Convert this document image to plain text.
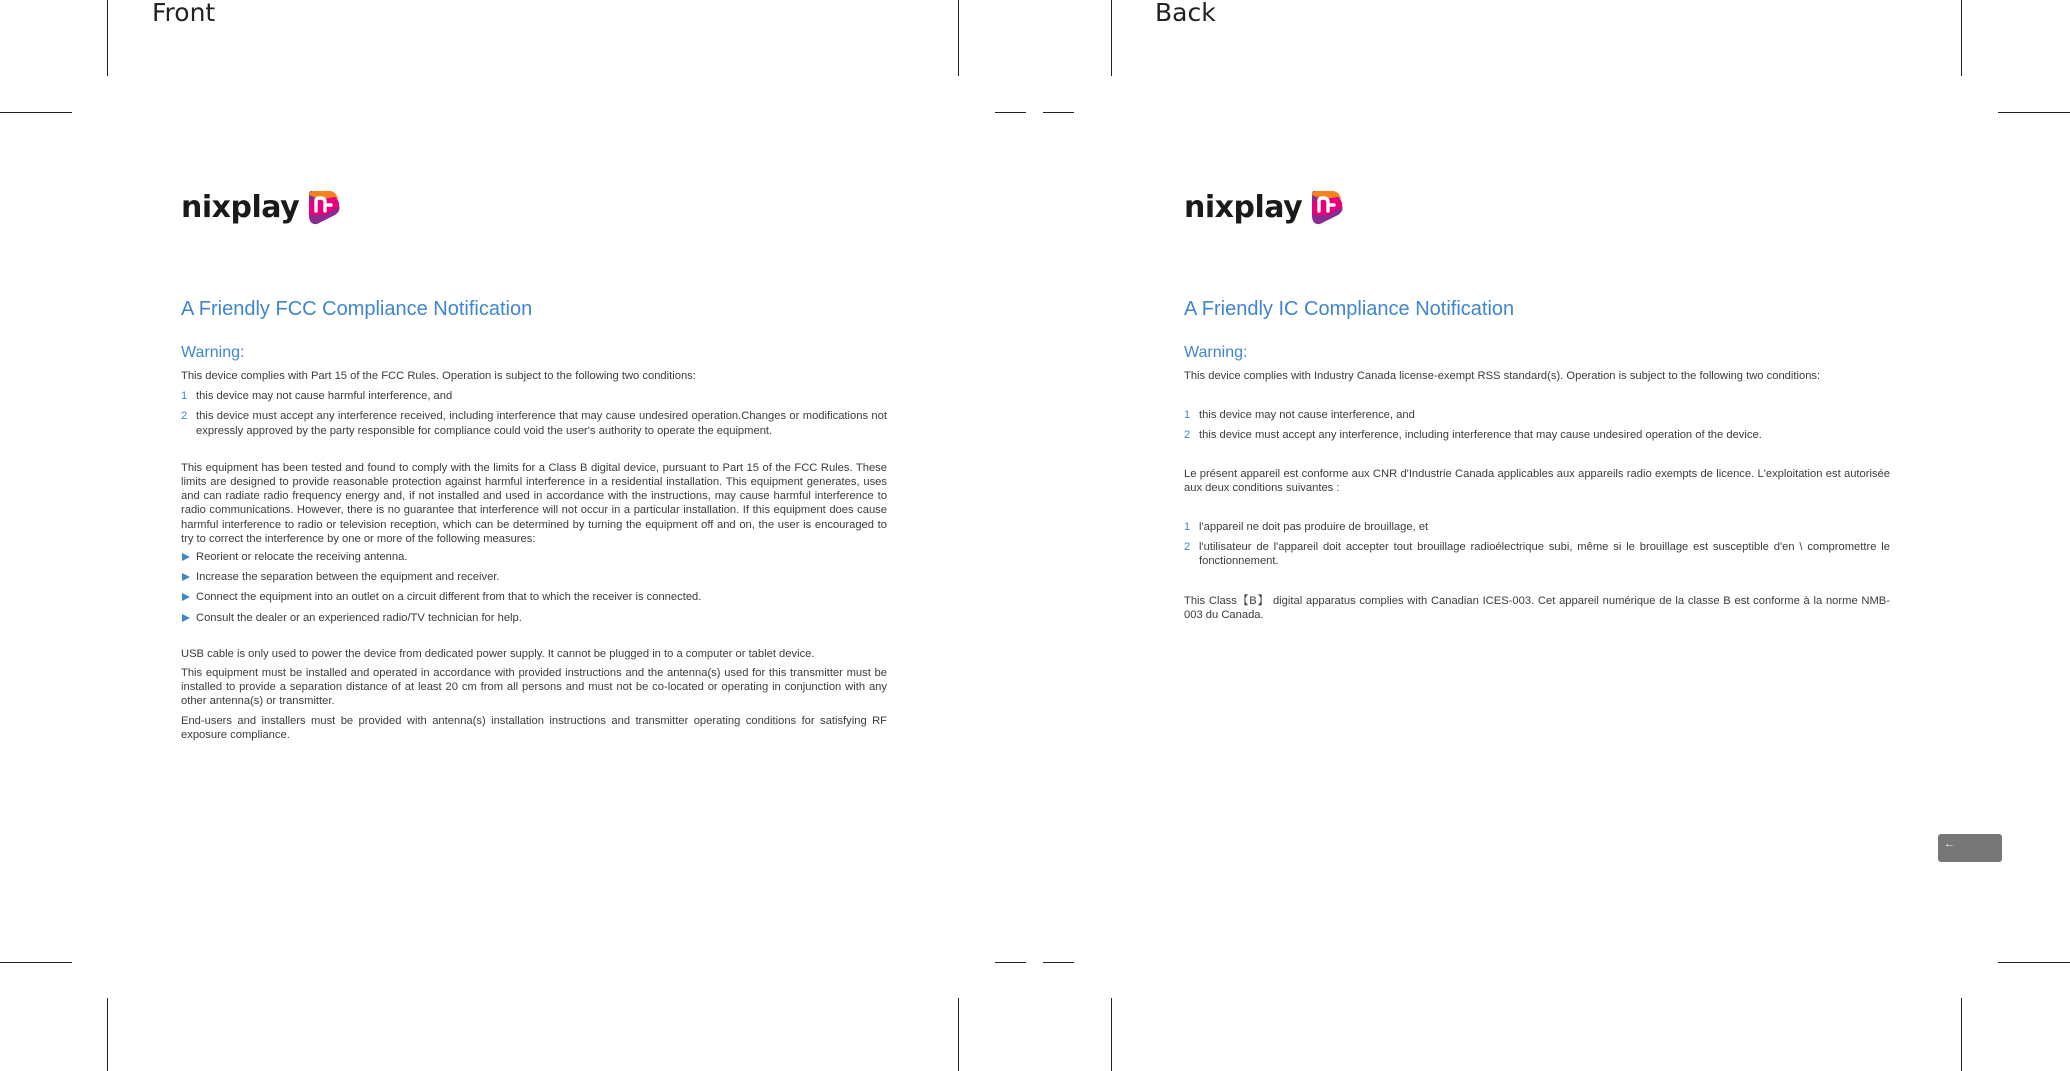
Front	Back
nixplay
A Friendly FCC Compliance Notification
Warning:

This device complies with Part 15 of the FCC Rules. Operation is subject to the following two conditions:

1 this device may not cause harmful interference, and
2 this device must accept any interference received, including interference that may cause undesired operation.Changes or modifications not expressly approved by the party responsible for compliance could void the user's authority to operate the equipment.

This equipment has been tested and found to comply with the limits for a Class B digital device, pursuant to Part 15 of the FCC Rules. These limits are designed to provide reasonable protection against harmful interference in a residential installation. This equipment generates, uses and can radiate radio frequency energy and, if not installed and used in accordance with the instructions, may cause harmful interference to radio communications. However, there is no guarantee that interference will not occur in a particular installation. If this equipment does cause harmful interference to radio or television reception, which can be determined by turning the equipment off and on, the user is encouraged to try to correct the interference by one or more of the following measures:

Reorient or relocate the receiving antenna.
Increase the separation between the equipment and receiver.
Connect the equipment into an outlet on a circuit different from that to which the receiver is connected.
Consult the dealer or an experienced radio/TV technician for help.

USB cable is only used to power the device from dedicated power supply. It cannot be plugged in to a computer or tablet device.

This equipment must be installed and operated in accordance with provided instructions and the antenna(s) used for this transmitter must be installed to provide a separation distance of at least 20 cm from all persons and must not be co-located or operating in conjunction with any other antenna(s) or transmitter.

End-users and installers must be provided with antenna(s) installation instructions and transmitter operating conditions for satisfying RF exposure compliance.

nixplay
A Friendly IC Compliance Notification
Warning:

This device complies with Industry Canada license-exempt RSS standard(s). Operation is subject to the following two conditions:

1 this device may not cause interference, and
2 this device must accept any interference, including interference that may cause undesired operation of the device.

Le présent appareil est conforme aux CNR d'Industrie Canada applicables aux appareils radio exempts de licence. L'exploitation est autorisée aux deux conditions suivantes :

1 l'appareil ne doit pas produire de brouillage, et
2 l'utilisateur de l'appareil doit accepter tout brouillage radioélectrique subi, même si le brouillage est susceptible d'en \ compromettre le fonctionnement.

This Class【B】 digital apparatus complies with Canadian ICES-003. Cet appareil numérique de la classe B est conforme à la norme NMB-003 du Canada.

←
